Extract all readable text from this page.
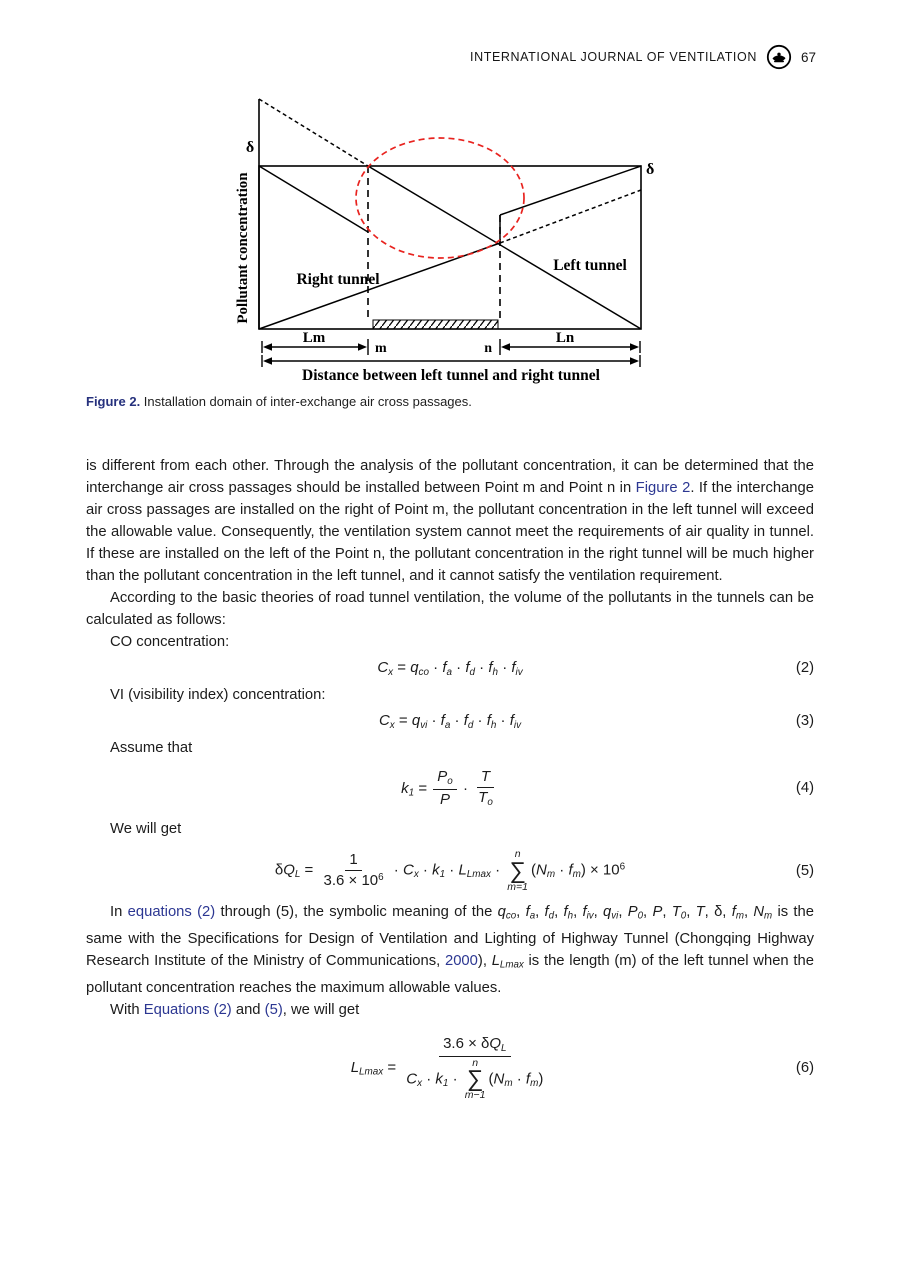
INTERNATIONAL JOURNAL OF VENTILATION	67
Pollutant concentration
δ
δ
Right tunnel
Left tunnel
Lm
m	n
Ln
Distance between left tunnel and right tunnel

Figure 2. Installation domain of inter-exchange air cross passages.

is different from each other. Through the analysis of the pollutant concentration, it can be determined that the interchange air cross passages should be installed between Point m and Point n in Figure 2. If the interchange air cross passages are installed on the right of Point m, the pollutant concentration in the left tunnel will exceed the allowable value. Consequently, the ventilation system cannot meet the requirements of air quality in tunnel. If these are installed on the left of the Point n, the pollutant concentration in the right tunnel will be much higher than the pollutant concentration in the left tunnel, and it cannot satisfy the ventilation requirement.

According to the basic theories of road tunnel ventilation, the volume of the pollutants in the tunnels can be calculated as follows:

CO concentration:

Cx = qco · fa · fd · fh · fiv	(2)

VI (visibility index) concentration:

Cx = qvi · fa · fd · fh · fiv	(3)

Assume that

$k1 = \frac{Po}{P} \cdot \frac{T}{To}$	(4)

We will get

$\delta QL = \frac{1}{3.6 \times 10^6} \cdot Cx \cdot k1 \cdot LLmax$ ·
n
∑
m=1
$(Nm \cdot fm) \times 10^6$	(5)

In equations (2) through (5), the symbolic meaning of the qco, fa, fd, fh, fiv, qvi, P0, P, T0, T, δ, fm, Nm is the same with the Specifications for Design of Ventilation and Lighting of Highway Tunnel (Chongqing Highway Research Institute of the Ministry of Communications, 2000), LLmax is the length (m) of the left tunnel when the pollutant concentration reaches the maximum allowable values.

With Equations (2) and (5), we will get

LLmax =
3.6 × δQL
Cx · k1 ·
n
∑
m−1
(Nm · fm)
(6)
